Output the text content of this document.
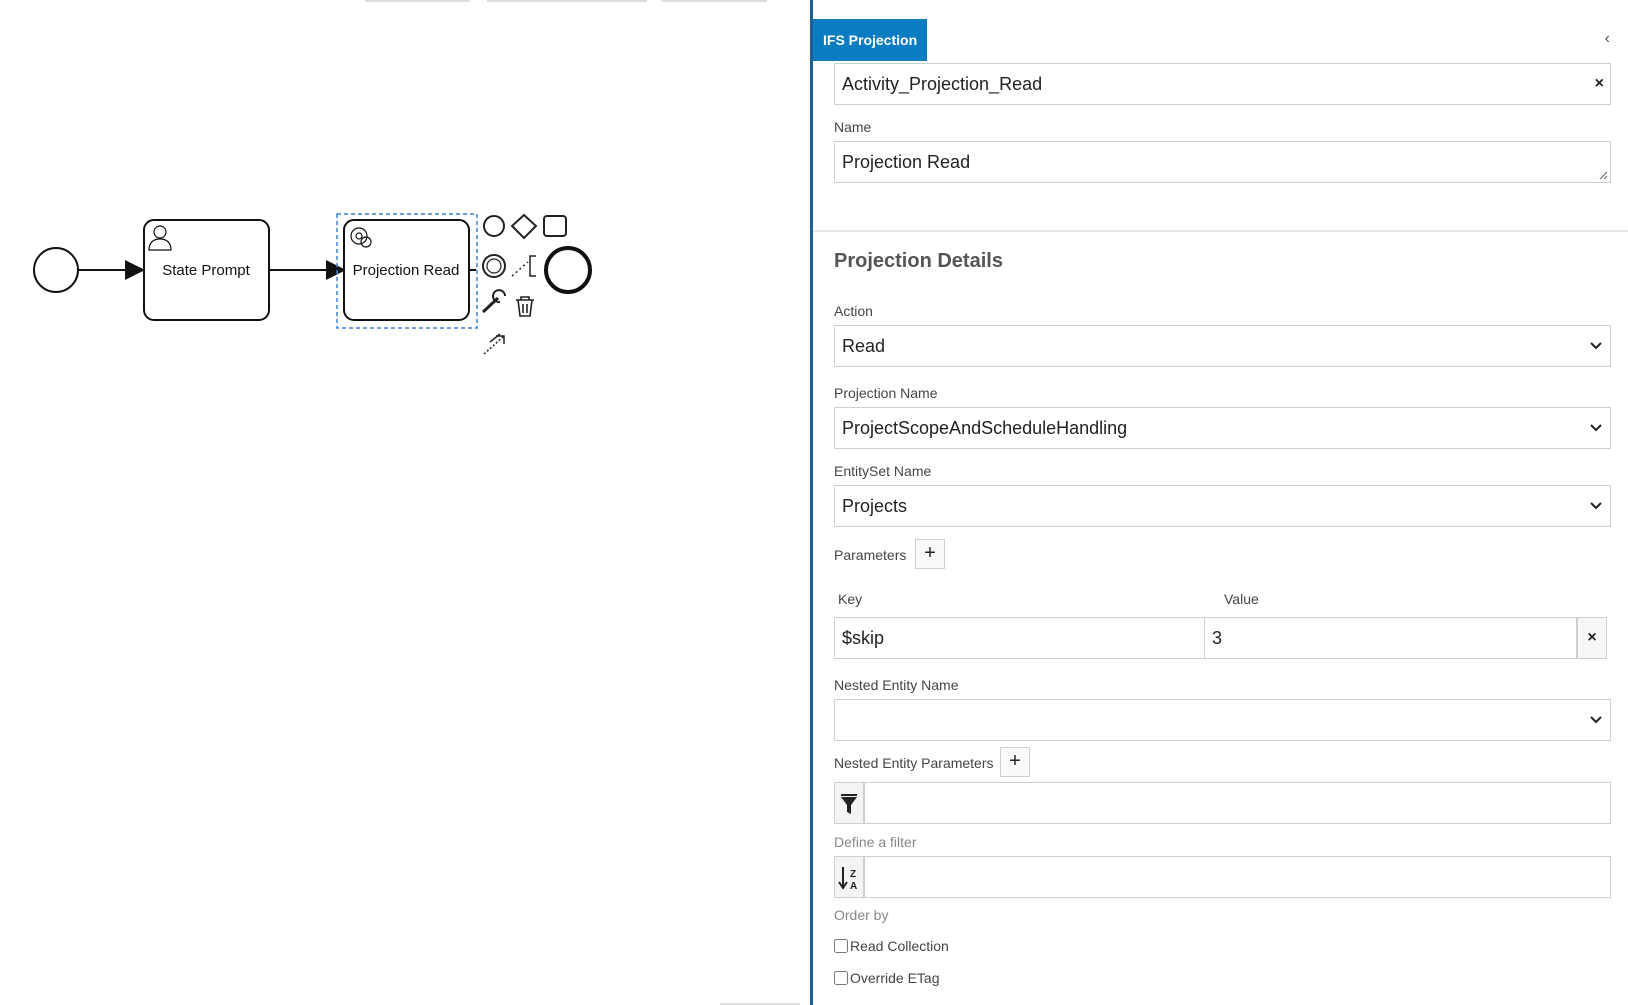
State Prompt	Projection Read
IFS Projection	‹
Activity_Projection_Read	×
Name
Projection Read
Projection Details
Action
Read
Projection Name
ProjectScopeAndScheduleHandling
EntitySet Name
Projects
Parameters +
Key	Value
$skip	3	×
Nested Entity Name
Nested Entity Parameters +
Define a filter
Z
A
Order by
Read Collection
Override ETag
